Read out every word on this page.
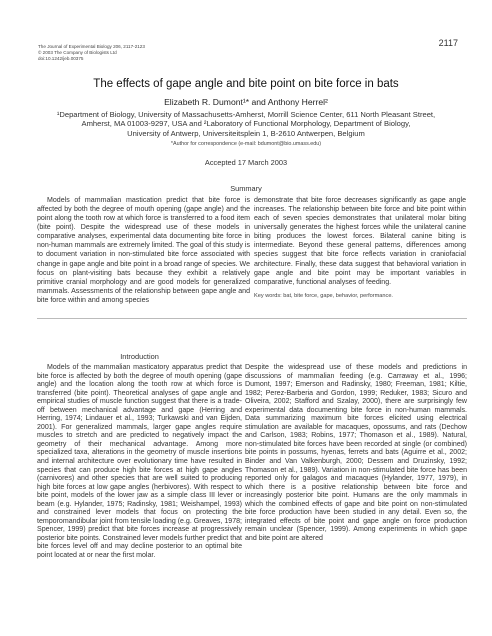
The Journal of Experimental Biology 206, 2117-2123
© 2003 The Company of Biologists Ltd
doi:10.1242/jeb.00375
2117
The effects of gape angle and bite point on bite force in bats
Elizabeth R. Dumont¹* and Anthony Herrel²
¹Department of Biology, University of Massachusetts-Amherst, Morrill Science Center, 611 North Pleasant Street,
Amherst, MA 01003-9297, USA and ²Laboratory of Functional Morphology, Department of Biology,
University of Antwerp, Universiteitsplein 1, B-2610 Antwerpen, Belgium
*Author for correspondence (e-mail: bdumont@bio.umass.edu)
Accepted 17 March 2003
Summary

Models of mammalian mastication predict that bite force is affected by both the degree of mouth opening (gape angle) and the point along the tooth row at which force is transferred to a food item (bite point). Despite the widespread use of these models in comparative analyses, experimental data documenting bite force in non-human mammals are extremely limited. The goal of this study is to document variation in non-stimulated bite force associated with change in gape angle and bite point in a broad range of species. We focus on plant-visiting bats because they exhibit a relatively primitive cranial morphology and are good models for generalized mammals. Assessments of the relationship between gape angle and bite force within and among species

demonstrate that bite force decreases significantly as gape angle increases. The relationship between bite force and bite point within each of seven species demonstrates that unilateral molar biting universally generates the highest forces while the unilateral canine biting produces the lowest forces. Bilateral canine biting is intermediate. Beyond these general patterns, differences among species suggest that bite force reflects variation in craniofacial architecture. Finally, these data suggest that behavioral variation in gape angle and bite point may be important variables in comparative, functional analyses of feeding.

Key words: bat, bite force, gape, behavior, performance.
Introduction

Models of the mammalian masticatory apparatus predict that bite force is affected by both the degree of mouth opening (gape angle) and the location along the tooth row at which force is transferred (bite point). Theoretical analyses of gape angle and empirical studies of muscle function suggest that there is a trade-off between mechanical advantage and gape (Herring and Herring, 1974; Lindauer et al., 1993; Turkawski and van Eijden, 2001). For generalized mammals, larger gape angles require muscles to stretch and are predicted to negatively impact the geometry of their mechanical advantage. Among more specialized taxa, alterations in the geometry of muscle insertions and internal architecture over evolutionary time have resulted in species that can produce high bite forces at high gape angles (carnivores) and other species that are well suited to producing high bite forces at low gape angles (herbivores). With respect to bite point, models of the lower jaw as a simple class III lever or beam (e.g. Hylander, 1975; Radinsky, 1981; Weishampel, 1993) and constrained lever models that focus on protecting the temporomandibular joint from tensile loading (e.g. Greaves, 1978; Spencer, 1999) predict that bite forces increase at progressively posterior bite points. Constrained lever models further predict that bite forces level off and may decline posterior to an optimal bite point located at or near the first molar.

Despite the widespread use of these models and predictions in discussions of mammalian feeding (e.g. Carraway et al., 1996; Dumont, 1997; Emerson and Radinsky, 1980; Freeman, 1981; Kiltie, 1982; Perez-Barberia and Gordon, 1999; Reduker, 1983; Sicuro and Oliveira, 2002; Stafford and Szalay, 2000), there are surprisingly few experimental data documenting bite force in non-human mammals. Data summarizing maximum bite forces elicited using electrical stimulation are available for macaques, opossums, and rats (Dechow and Carlson, 1983; Robins, 1977; Thomason et al., 1989). Natural, non-stimulated bite forces have been recorded at single (or combined) bite points in possums, hyenas, ferrets and bats (Aguirre et al., 2002; Binder and Van Valkenburgh, 2000; Dessem and Druzinsky, 1992; Thomason et al., 1989). Variation in non-stimulated bite force has been reported only for galagos and macaques (Hylander, 1977, 1979), in which there is a positive relationship between bite force and increasingly posterior bite point. Humans are the only mammals in which the combined effects of gape and bite point on non-stimulated bite force production have been studied in any detail. Even so, the integrated effects of bite point and gape angle on force production remain unclear (Spencer, 1999). Among experiments in which gape and bite point are altered
